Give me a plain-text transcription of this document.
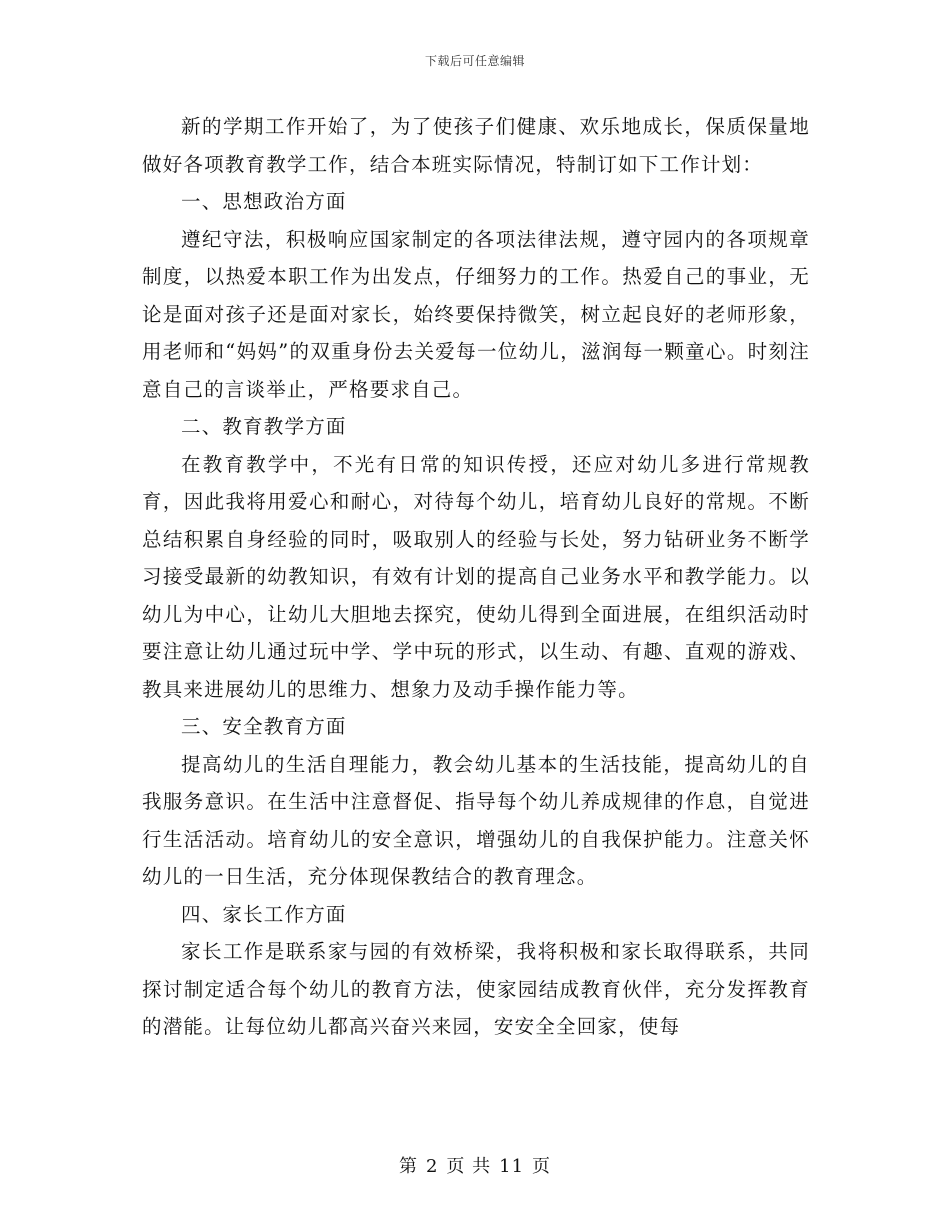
下载后可任意编辑

新的学期工作开始了，为了使孩子们健康、欢乐地成长，保质保量地做好各项教育教学工作，结合本班实际情况，特制订如下工作计划：

一、思想政治方面

遵纪守法，积极响应国家制定的各项法律法规，遵守园内的各项规章制度，以热爱本职工作为出发点，仔细努力的工作。热爱自己的事业，无论是面对孩子还是面对家长，始终要保持微笑，树立起良好的老师形象，用老师和“妈妈”的双重身份去关爱每一位幼儿，滋润每一颗童心。时刻注意自己的言谈举止，严格要求自己。

二、教育教学方面

在教育教学中，不光有日常的知识传授，还应对幼儿多进行常规教育，因此我将用爱心和耐心，对待每个幼儿，培育幼儿良好的常规。不断总结积累自身经验的同时，吸取别人的经验与长处，努力钻研业务不断学习接受最新的幼教知识，有效有计划的提高自己业务水平和教学能力。以幼儿为中心，让幼儿大胆地去探究，使幼儿得到全面进展，在组织活动时要注意让幼儿通过玩中学、学中玩的形式，以生动、有趣、直观的游戏、教具来进展幼儿的思维力、想象力及动手操作能力等。

三、安全教育方面

提高幼儿的生活自理能力，教会幼儿基本的生活技能，提高幼儿的自我服务意识。在生活中注意督促、指导每个幼儿养成规律的作息，自觉进行生活活动。培育幼儿的安全意识，增强幼儿的自我保护能力。注意关怀幼儿的一日生活，充分体现保教结合的教育理念。

四、家长工作方面

家长工作是联系家与园的有效桥梁，我将积极和家长取得联系，共同探讨制定适合每个幼儿的教育方法，使家园结成教育伙伴，充分发挥教育的潜能。让每位幼儿都高兴奋兴来园，安安全全回家，使每

第 2 页 共 11 页
